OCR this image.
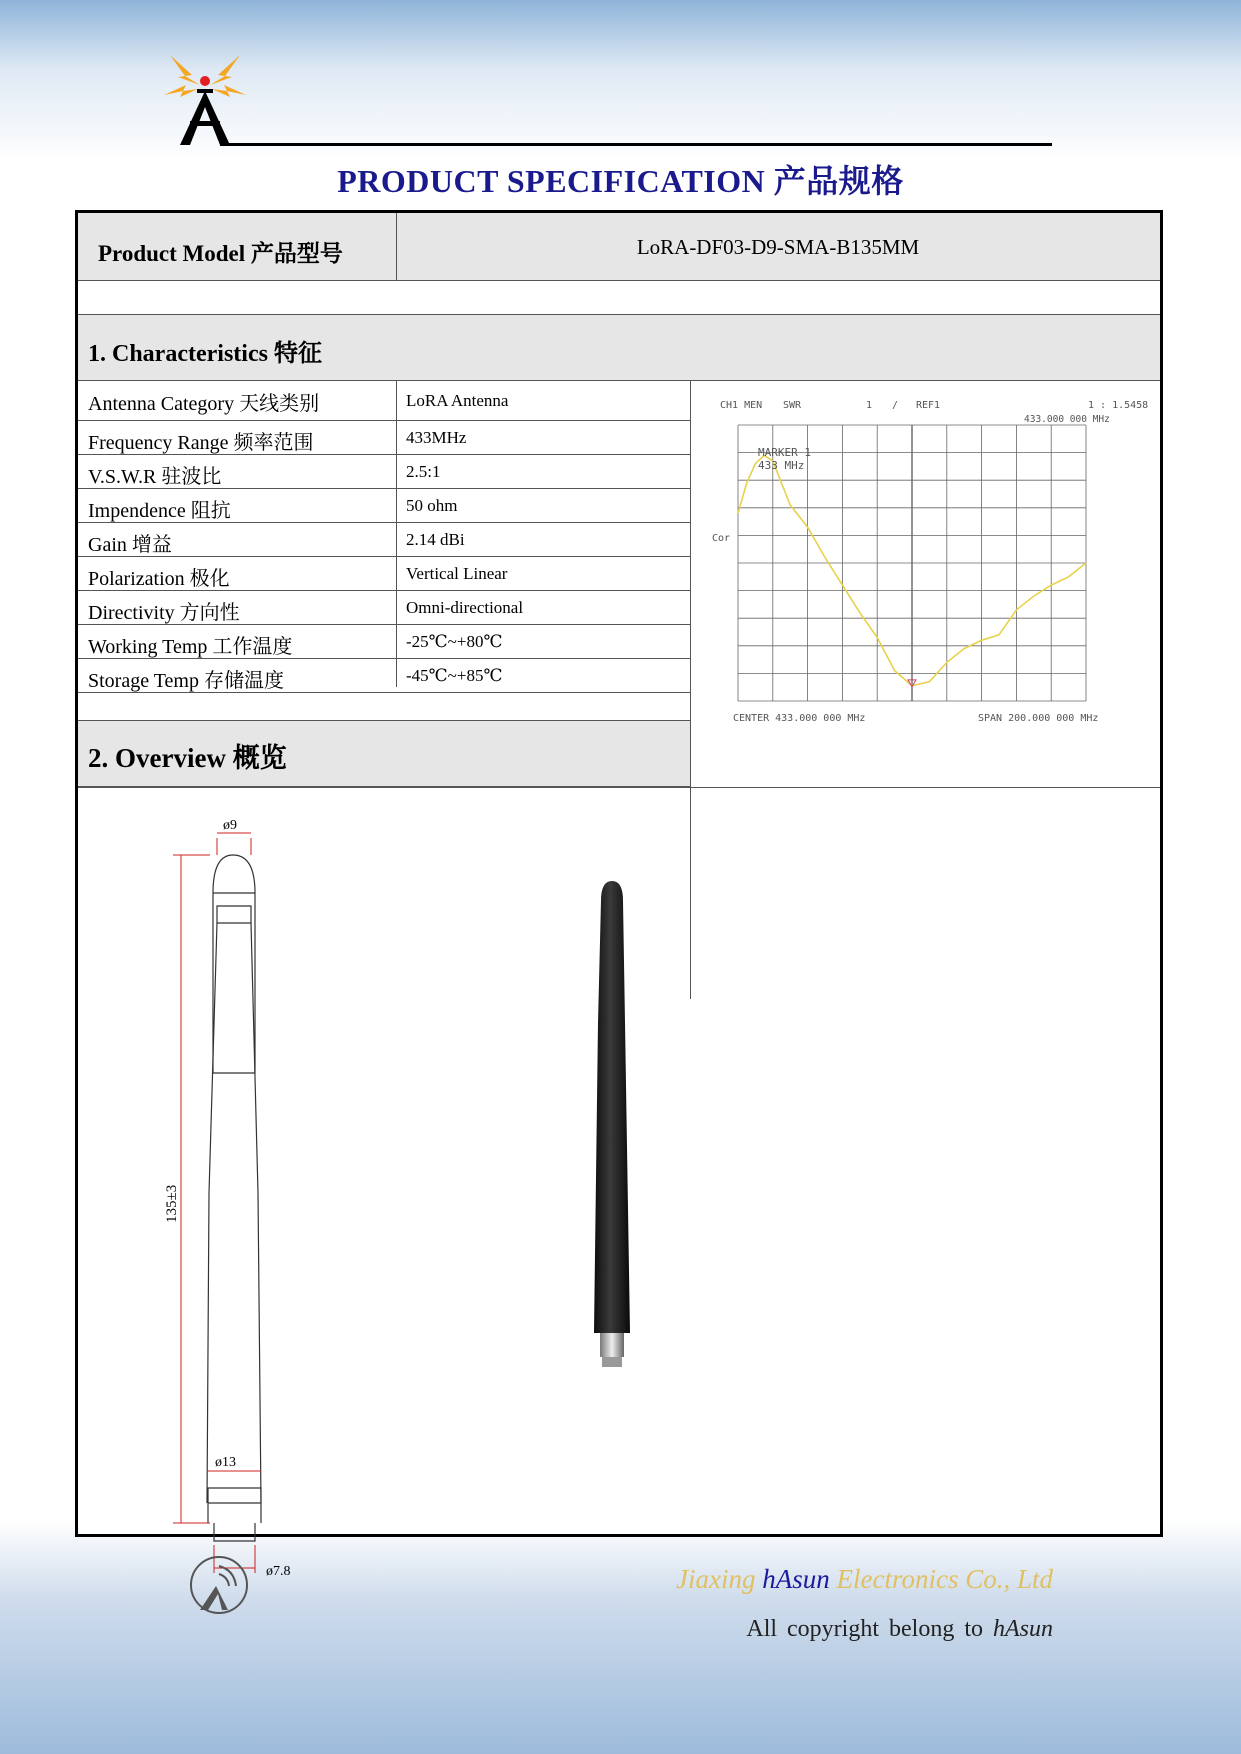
PRODUCT SPECIFICATION 产品规格
Product Model 产品型号	LoRA-DF03-D9-SMA-B135MM
1. Characteristics 特征
Antenna Category 天线类别	LoRA Antenna
Frequency Range 频率范围	433MHz
V.S.W.R 驻波比	2.5:1
Impendence 阻抗	50 ohm
Gain 增益	2.14 dBi
Polarization 极化	Vertical Linear
Directivity 方向性	Omni-directional
Working Temp 工作温度	-25℃~+80℃
Storage Temp 存储温度	-45℃~+85℃
2. Overview 概览
CH1 MEN SWR	1 / REF1	1 : 1.5458
433.000 000 MHz
MARKER 1
433 MHz
Cor
CENTER 433.000 000 MHz	SPAN 200.000 000 MHz
ø9
ø13
ø7.8
135±3
Jiaxing hAsun Electronics Co., Ltd
All copyright belong to hAsun
